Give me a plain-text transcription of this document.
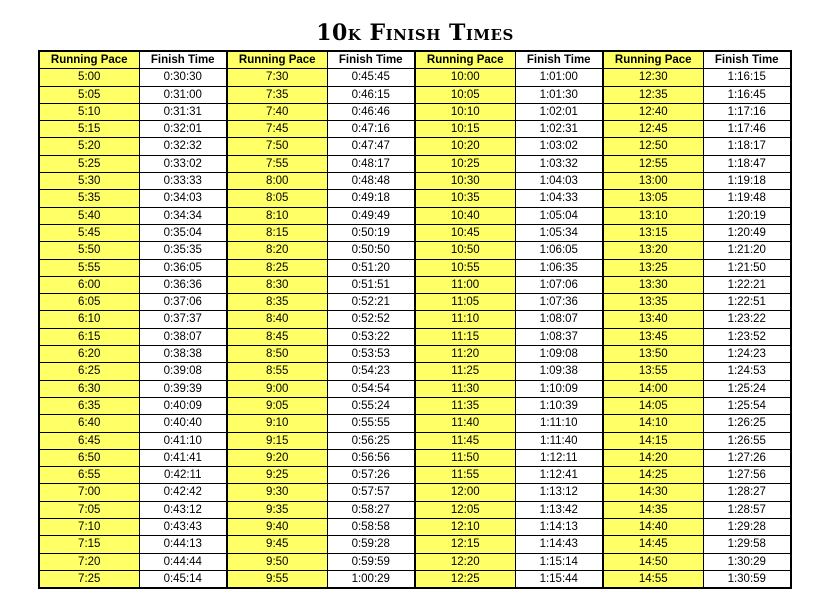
10k Finish Times
Running Pace	Finish Time	Running Pace	Finish Time	Running Pace	Finish Time	Running Pace	Finish Time
5:00	0:30:30	7:30	0:45:45	10:00	1:01:00	12:30	1:16:15
5:05	0:31:00	7:35	0:46:15	10:05	1:01:30	12:35	1:16:45
5:10	0:31:31	7:40	0:46:46	10:10	1:02:01	12:40	1:17:16
5:15	0:32:01	7:45	0:47:16	10:15	1:02:31	12:45	1:17:46
5:20	0:32:32	7:50	0:47:47	10:20	1:03:02	12:50	1:18:17
5:25	0:33:02	7:55	0:48:17	10:25	1:03:32	12:55	1:18:47
5:30	0:33:33	8:00	0:48:48	10:30	1:04:03	13:00	1:19:18
5:35	0:34:03	8:05	0:49:18	10:35	1:04:33	13:05	1:19:48
5:40	0:34:34	8:10	0:49:49	10:40	1:05:04	13:10	1:20:19
5:45	0:35:04	8:15	0:50:19	10:45	1:05:34	13:15	1:20:49
5:50	0:35:35	8:20	0:50:50	10:50	1:06:05	13:20	1:21:20
5:55	0:36:05	8:25	0:51:20	10:55	1:06:35	13:25	1:21:50
6:00	0:36:36	8:30	0:51:51	11:00	1:07:06	13:30	1:22:21
6:05	0:37:06	8:35	0:52:21	11:05	1:07:36	13:35	1:22:51
6:10	0:37:37	8:40	0:52:52	11:10	1:08:07	13:40	1:23:22
6:15	0:38:07	8:45	0:53:22	11:15	1:08:37	13:45	1:23:52
6:20	0:38:38	8:50	0:53:53	11:20	1:09:08	13:50	1:24:23
6:25	0:39:08	8:55	0:54:23	11:25	1:09:38	13:55	1:24:53
6:30	0:39:39	9:00	0:54:54	11:30	1:10:09	14:00	1:25:24
6:35	0:40:09	9:05	0:55:24	11:35	1:10:39	14:05	1:25:54
6:40	0:40:40	9:10	0:55:55	11:40	1:11:10	14:10	1:26:25
6:45	0:41:10	9:15	0:56:25	11:45	1:11:40	14:15	1:26:55
6:50	0:41:41	9:20	0:56:56	11:50	1:12:11	14:20	1:27:26
6:55	0:42:11	9:25	0:57:26	11:55	1:12:41	14:25	1:27:56
7:00	0:42:42	9:30	0:57:57	12:00	1:13:12	14:30	1:28:27
7:05	0:43:12	9:35	0:58:27	12:05	1:13:42	14:35	1:28:57
7:10	0:43:43	9:40	0:58:58	12:10	1:14:13	14:40	1:29:28
7:15	0:44:13	9:45	0:59:28	12:15	1:14:43	14:45	1:29:58
7:20	0:44:44	9:50	0:59:59	12:20	1:15:14	14:50	1:30:29
7:25	0:45:14	9:55	1:00:29	12:25	1:15:44	14:55	1:30:59
